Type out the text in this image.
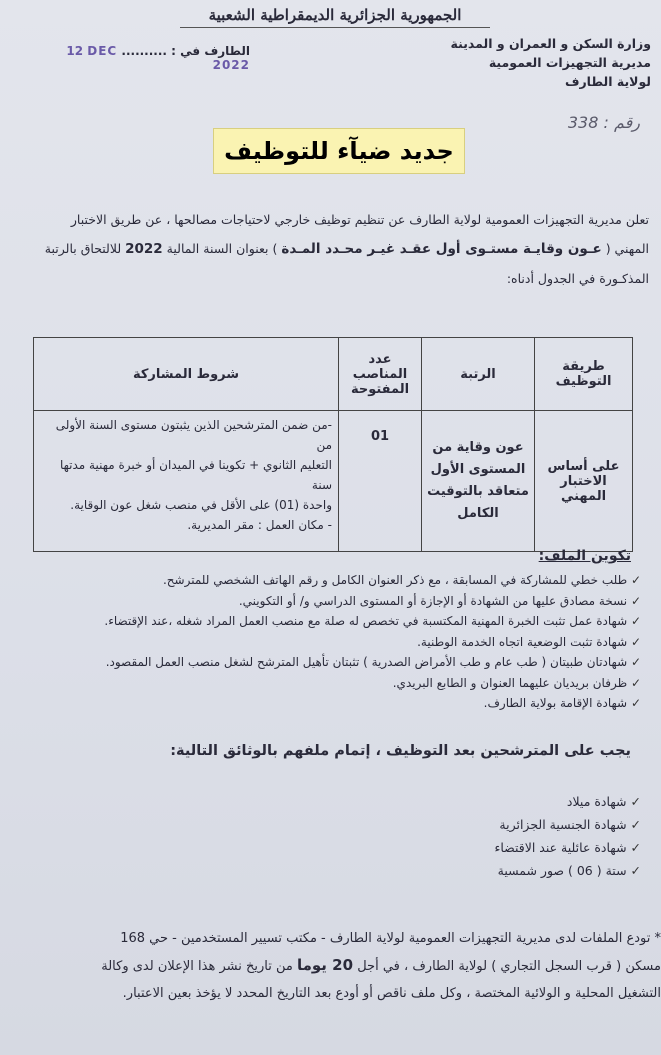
الجمهورية الجزائرية الديمقراطية الشعبية
وزارة السكن و العمران و المدينة
مديرية التجهيزات العمومية
لولاية الطارف
الطارف في : .......... 12 DEC 2022
رقم : 338
جديد ضيآء للتوظيف
تعلن مديرية التجهيزات العمومية لولاية الطارف عن تنظيم توظيف خارجي لاحتياجات مصالحها ، عن طريق الاختبار
المهني ( عـون وقايـة مستـوى أول عقـد غيـر محـدد المـدة ) بعنوان السنة المالية 2022 للالتحاق بالرتبة
المذكـورة في الجدول أدناه:
طريقة التوظيف	الرتبة	عدد المناصب المفتوحة	شروط المشاركة
على أساس الاختبار المهني	عون وقاية من المستوى الأول متعاقد بالتوقيت الكامل	01	-من ضمن المترشحين الذين يثبتون مستوى السنة الأولى من
التعليم الثانوي + تكوينا في الميدان أو خبرة مهنية مدتها سنة
واحدة (01) على الأقل في منصب شغل عون الوقاية.
- مكان العمل : مقر المديرية.
تكوين الملف:
✓ طلب خطي للمشاركة في المسابقة ، مع ذكر العنوان الكامل و رقم الهاتف الشخصي للمترشح.
✓ نسخة مصادق عليها من الشهادة أو الإجازة أو المستوى الدراسي و/ أو التكويني.
✓ شهادة عمل تثبت الخبرة المهنية المكتسبة في تخصص له صلة مع منصب العمل المراد شغله ،عند الإقتضاء.
✓ شهادة تثبت الوضعية اتجاه الخدمة الوطنية.
✓ شهادتان طبيتان ( طب عام و طب الأمراض الصدرية ) تثبتان تأهيل المترشح لشغل منصب العمل المقصود.
✓ ظرفان بريديان عليهما العنوان و الطابع البريدي.
✓ شهادة الإقامة بولاية الطارف.
يجب على المترشحين بعد التوظيف ، إتمام ملفهم بالوثائق التالية:
✓ شهادة ميلاد
✓ شهادة الجنسية الجزائرية
✓ شهادة عائلية عند الاقتضاء
✓ ستة ( 06 ) صور شمسية
* تودع الملفات لدى مديرية التجهيزات العمومية لولاية الطارف - مكتب تسيير المستخدمين - حي 168
مسكن ( قرب السجل التجاري ) لولاية الطارف ، في أجل 20 يوما من تاريخ نشر هذا الإعلان لدى وكالة
التشغيل المحلية و الولائية المختصة ، وكل ملف ناقص أو أودع بعد التاريخ المحدد لا يؤخذ بعين الاعتبار.
